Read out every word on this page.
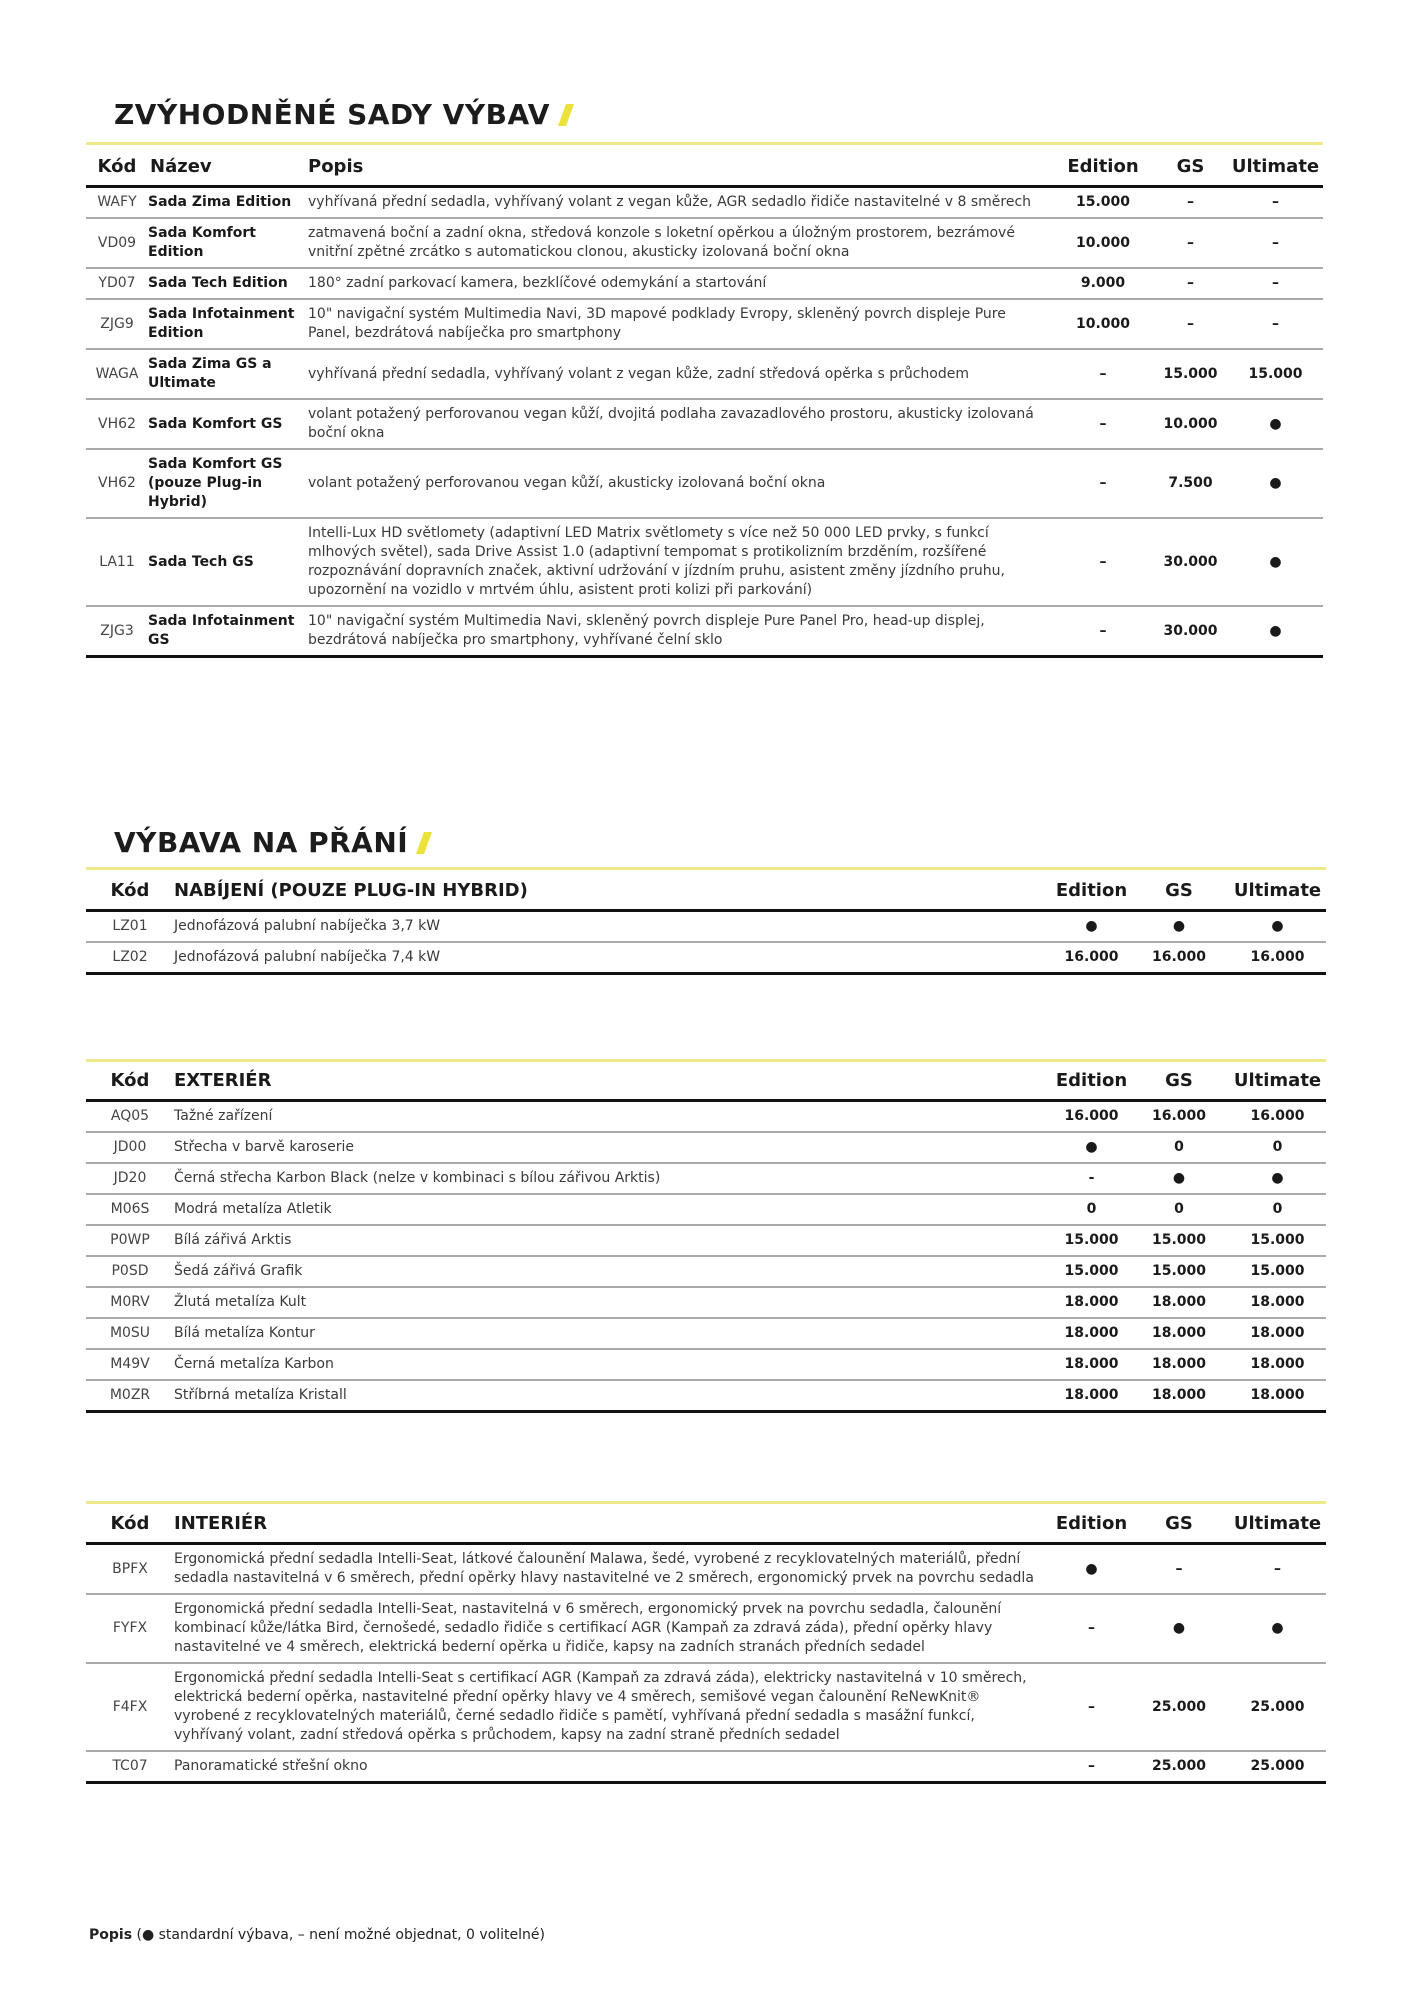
ZVÝHODNĚNÉ SADY VÝBAV
Kód	Název	Popis	Edition	GS	Ultimate
WAFY	Sada Zima Edition	vyhřívaná přední sedadla, vyhřívaný volant z vegan kůže, AGR sedadlo řidiče nastavitelné v 8 směrech	15.000	–	–
VD09	Sada Komfort Edition	zatmavená boční a zadní okna, středová konzole s loketní opěrkou a úložným prostorem, bezrámové vnitřní zpětné zrcátko s automatickou clonou, akusticky izolovaná boční okna	10.000	–	–
YD07	Sada Tech Edition	180° zadní parkovací kamera, bezklíčové odemykání a startování	9.000	–	–
ZJG9	Sada Infotainment Edition	10" navigační systém Multimedia Navi, 3D mapové podklady Evropy, skleněný povrch displeje Pure Panel, bezdrátová nabíječka pro smartphony	10.000	–	–
WAGA	Sada Zima GS a Ultimate	vyhřívaná přední sedadla, vyhřívaný volant z vegan kůže, zadní středová opěrka s průchodem	–	15.000	15.000
VH62	Sada Komfort GS	volant potažený perforovanou vegan kůží, dvojitá podlaha zavazadlového prostoru, akusticky izolovaná boční okna	–	10.000	●
VH62	Sada Komfort GS (pouze Plug-in Hybrid)	volant potažený perforovanou vegan kůží, akusticky izolovaná boční okna	–	7.500	●
LA11	Sada Tech GS	Intelli-Lux HD světlomety (adaptivní LED Matrix světlomety s více než 50 000 LED prvky, s funkcí mlhových světel), sada Drive Assist 1.0 (adaptivní tempomat s protikolizním brzděním, rozšířené rozpoznávání dopravních značek, aktivní udržování v jízdním pruhu, asistent změny jízdního pruhu, upozornění na vozidlo v mrtvém úhlu, asistent proti kolizi při parkování)	–	30.000	●
ZJG3	Sada Infotainment GS	10" navigační systém Multimedia Navi, skleněný povrch displeje Pure Panel Pro, head-up displej, bezdrátová nabíječka pro smartphony, vyhřívané čelní sklo	–	30.000	●
VÝBAVA NA PŘÁNÍ
Kód	NABÍJENÍ (POUZE PLUG-IN HYBRID)		Edition	GS	Ultimate
LZ01	Jednofázová palubní nabíječka 3,7 kW		●	●	●
LZ02	Jednofázová palubní nabíječka 7,4 kW		16.000	16.000	16.000
Kód	EXTERIÉR		Edition	GS	Ultimate
AQ05	Tažné zařízení		16.000	16.000	16.000
JD00	Střecha v barvě karoserie		●	0	0
JD20	Černá střecha Karbon Black (nelze v kombinaci s bílou zářivou Arktis)		-	●	●
M06S	Modrá metalíza Atletik		0	0	0
P0WP	Bílá zářivá Arktis		15.000	15.000	15.000
P0SD	Šedá zářivá Grafik		15.000	15.000	15.000
M0RV	Žlutá metalíza Kult		18.000	18.000	18.000
M0SU	Bílá metalíza Kontur		18.000	18.000	18.000
M49V	Černá metalíza Karbon		18.000	18.000	18.000
M0ZR	Stříbrná metalíza Kristall		18.000	18.000	18.000
Kód	INTERIÉR		Edition	GS	Ultimate
BPFX	Ergonomická přední sedadla Intelli-Seat, látkové čalounění Malawa, šedé, vyrobené z recyklovatelných materiálů, přední sedadla nastavitelná v 6 směrech, přední opěrky hlavy nastavitelné ve 2 směrech, ergonomický prvek na povrchu sedadla		●	–	–
FYFX	Ergonomická přední sedadla Intelli-Seat, nastavitelná v 6 směrech, ergonomický prvek na povrchu sedadla, čalounění kombinací kůže/látka Bird, černošedé, sedadlo řidiče s certifikací AGR (Kampaň za zdravá záda), přední opěrky hlavy nastavitelné ve 4 směrech, elektrická bederní opěrka u řidiče, kapsy na zadních stranách předních sedadel		–	●	●
F4FX	Ergonomická přední sedadla Intelli-Seat s certifikací AGR (Kampaň za zdravá záda), elektricky nastavitelná v 10 směrech, elektrická bederní opěrka, nastavitelné přední opěrky hlavy ve 4 směrech, semišové vegan čalounění ReNewKnit® vyrobené z recyklovatelných materiálů, černé sedadlo řidiče s pamětí, vyhřívaná přední sedadla s masážní funkcí, vyhřívaný volant, zadní středová opěrka s průchodem, kapsy na zadní straně předních sedadel		–	25.000	25.000
TC07	Panoramatické střešní okno		–	25.000	25.000
Popis (● standardní výbava, – není možné objednat, 0 volitelné)
